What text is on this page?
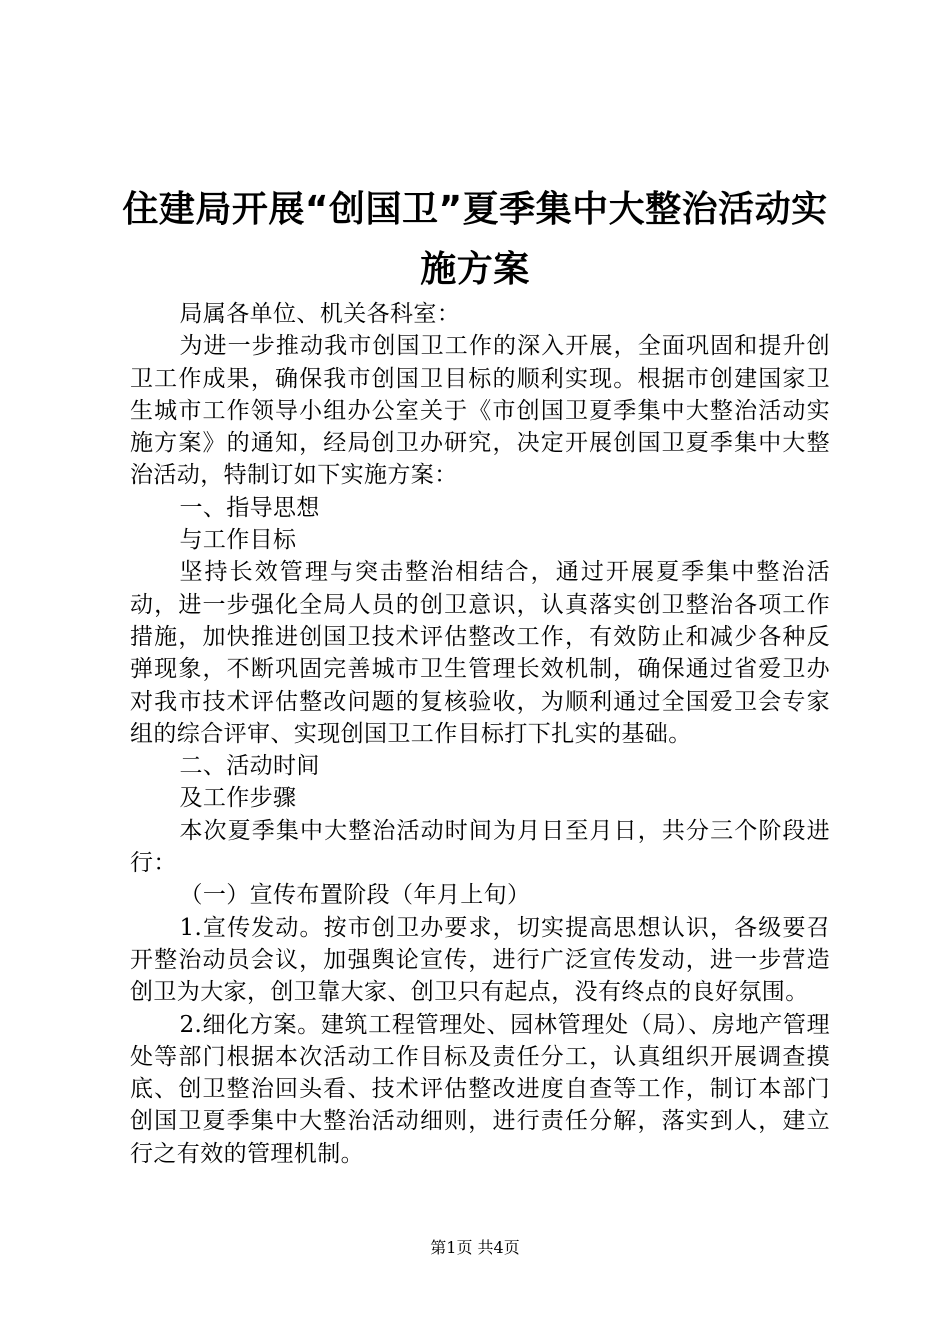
住建局开展“创国卫”夏季集中大整治活动实施方案

局属各单位、机关各科室：

为进一步推动我市创国卫工作的深入开展，全面巩固和提升创卫工作成果，确保我市创国卫目标的顺利实现。根据市创建国家卫生城市工作领导小组办公室关于《市创国卫夏季集中大整治活动实施方案》的通知，经局创卫办研究，决定开展创国卫夏季集中大整治活动，特制订如下实施方案：

一、指导思想

与工作目标

坚持长效管理与突击整治相结合，通过开展夏季集中整治活动，进一步强化全局人员的创卫意识，认真落实创卫整治各项工作措施，加快推进创国卫技术评估整改工作，有效防止和减少各种反弹现象，不断巩固完善城市卫生管理长效机制，确保通过省爱卫办对我市技术评估整改问题的复核验收，为顺利通过全国爱卫会专家组的综合评审、实现创国卫工作目标打下扎实的基础。

二、活动时间

及工作步骤

本次夏季集中大整治活动时间为月日至月日，共分三个阶段进行：

（一）宣传布置阶段（年月上旬）

1.宣传发动。按市创卫办要求，切实提高思想认识，各级要召开整治动员会议，加强舆论宣传，进行广泛宣传发动，进一步营造创卫为大家，创卫靠大家、创卫只有起点，没有终点的良好氛围。

2.细化方案。建筑工程管理处、园林管理处（局）、房地产管理处等部门根据本次活动工作目标及责任分工，认真组织开展调查摸底、创卫整治回头看、技术评估整改进度自查等工作，制订本部门创国卫夏季集中大整治活动细则，进行责任分解，落实到人，建立行之有效的管理机制。

第1页 共4页
